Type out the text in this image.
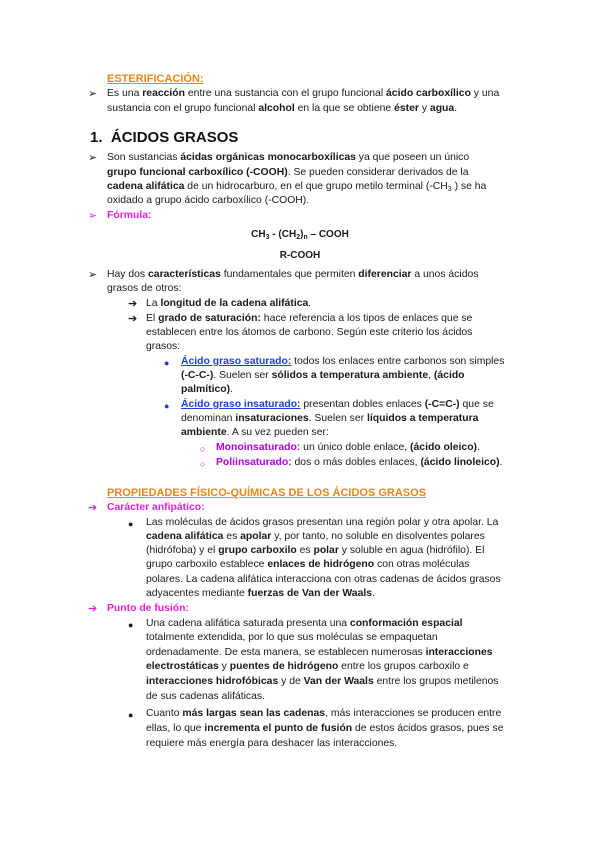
ESTERIFICACIÓN:
➢ Es una reacción entre una sustancia con el grupo funcional ácido carboxílico y una
sustancia con el grupo funcional alcohol en la que se obtiene éster y agua.
1. ÁCIDOS GRASOS
➢ Son sustancias ácidas orgánicas monocarboxílicas ya que poseen un único
grupo funcional carboxílico (-COOH). Se pueden considerar derivados de la
cadena alifática de un hidrocarburo, en el que grupo metilo terminal ($-CH_3$ ) se ha
oxidado a grupo ácido carboxílico (-COOH).
➢ Fórmula:
$CH_3 - (CH_2)_n$ – COOH
R-COOH
➢ Hay dos características fundamentales que permiten diferenciar a unos ácidos
grasos de otros:
➔ La longitud de la cadena alifática.
➔ El grado de saturación: hace referencia a los tipos de enlaces que se
establecen entre los átomos de carbono. Según este criterio los ácidos
grasos:
● Ácido graso saturado: todos los enlaces entre carbonos son simples
(-C-C-). Suelen ser sólidos a temperatura ambiente, (ácido
palmítico).
● Ácido graso insaturado: presentan dobles enlaces (-C=C-) que se
denominan insaturaciones. Suelen ser líquidos a temperatura
ambiente. A su vez pueden ser:
○ Monoinsaturado: un único doble enlace, (ácido oleico).
○ Poliinsaturado: dos o más dobles enlaces, (ácido linoleico).
PROPIEDADES FÍSICO-QUÍMICAS DE LOS ÁCIDOS GRASOS
➔ Carácter anfipático:
● Las moléculas de ácidos grasos presentan una región polar y otra apolar. La
cadena alifática es apolar y, por tanto, no soluble en disolventes polares
(hidrófoba) y el grupo carboxilo es polar y soluble en agua (hidrófilo). El
grupo carboxilo establece enlaces de hidrógeno con otras moléculas
polares. La cadena alifática interacciona con otras cadenas de ácidos grasos
adyacentes mediante fuerzas de Van der Waals.
➔ Punto de fusión:
● Una cadena alifática saturada presenta una conformación espacial
totalmente extendida, por lo que sus moléculas se empaquetan
ordenadamente. De esta manera, se establecen numerosas interacciones
electrostáticas y puentes de hidrógeno entre los grupos carboxilo e
interacciones hidrofóbicas y de Van der Waals entre los grupos metilenos
de sus cadenas alifáticas.
● Cuanto más largas sean las cadenas, más interacciones se producen entre
ellas, lo que incrementa el punto de fusión de estos ácidos grasos, pues se
requiere más energía para deshacer las interacciones.
